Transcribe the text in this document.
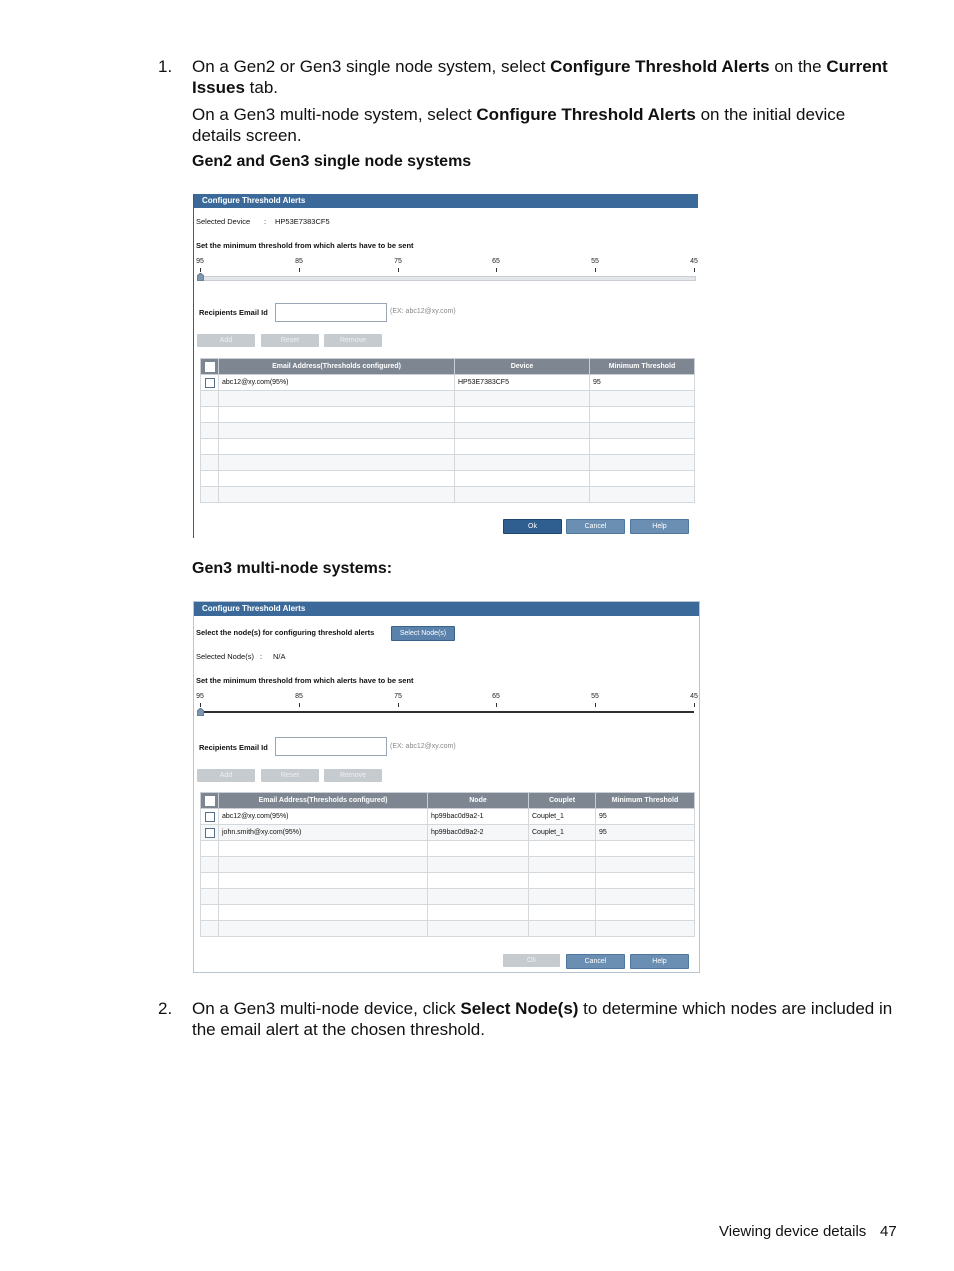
1. On a Gen2 or Gen3 single node system, select Configure Threshold Alerts on the Current Issues tab.
On a Gen3 multi-node system, select Configure Threshold Alerts on the initial device details screen.
Gen2 and Gen3 single node systems
Configure Threshold Alerts
Selected Device : HP53E7383CF5
Set the minimum threshold from which alerts have to be sent
95	85	75	65	55	45
Recipients Email Id	(EX: abc12@xy.com)
Add	Reset	Remove
	Email Address(Thresholds configured)	Device	Minimum Threshold
	abc12@xy.com(95%)	HP53E7383CF5	95

Ok	Cancel	Help
Gen3 multi-node systems:
Configure Threshold Alerts
Select the node(s) for configuring threshold alerts	Select Node(s)
Selected Node(s) : N/A
Set the minimum threshold from which alerts have to be sent
95	85	75	65	55	45
Recipients Email Id	(EX: abc12@xy.com)
Add	Reset	Remove
	Email Address(Thresholds configured)	Node	Couplet	Minimum Threshold
	abc12@xy.com(95%)	hp99bac0d9a2-1	Couplet_1	95
	john.smith@xy.com(95%)	hp99bac0d9a2-2	Couplet_1	95

Ok	Cancel	Help
2. On a Gen3 multi-node device, click Select Node(s) to determine which nodes are included in the email alert at the chosen threshold.
Viewing device details 47
